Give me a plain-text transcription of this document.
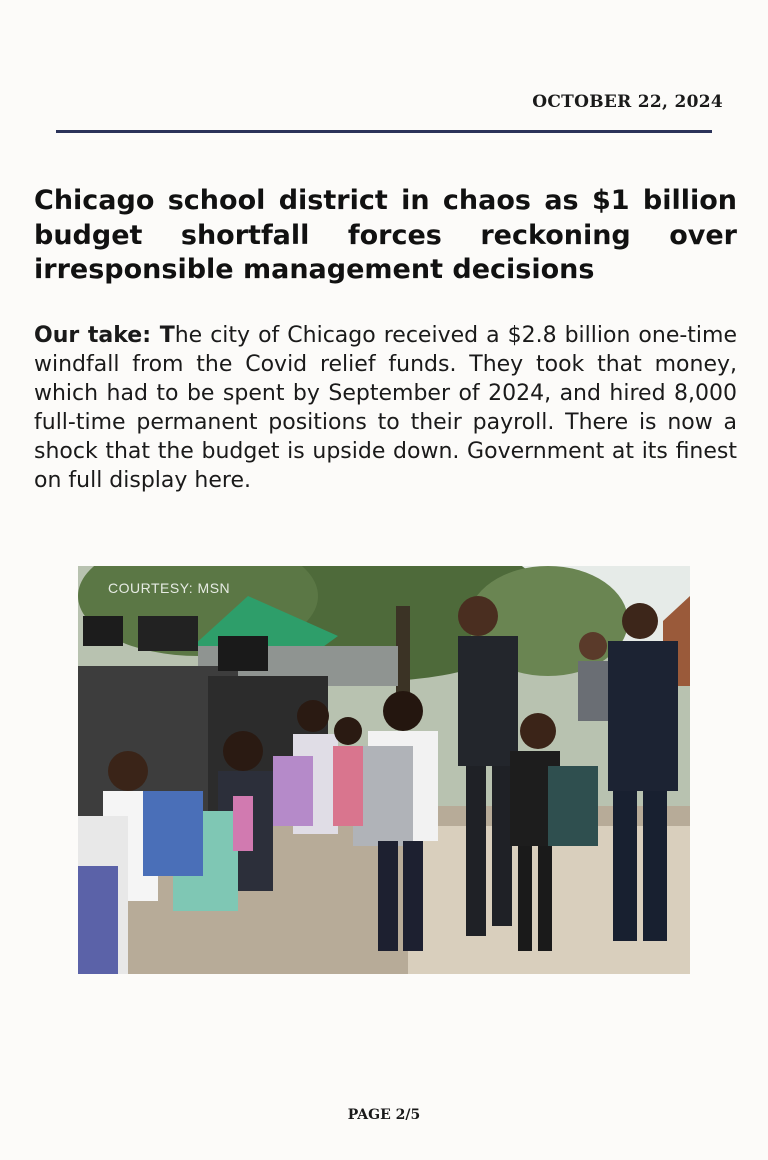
OCTOBER 22, 2024
Chicago school district in chaos as $1 billion budget shortfall forces reckoning over irresponsible management decisions

Our take: The city of Chicago received a $2.8 billion one-time windfall from the Covid relief funds. They took that money, which had to be spent by September of 2024, and hired 8,000 full-time permanent positions to their payroll. There is now a shock that the budget is upside down. Government at its finest on full display here.

COURTESY: MSN
PAGE 2/5
